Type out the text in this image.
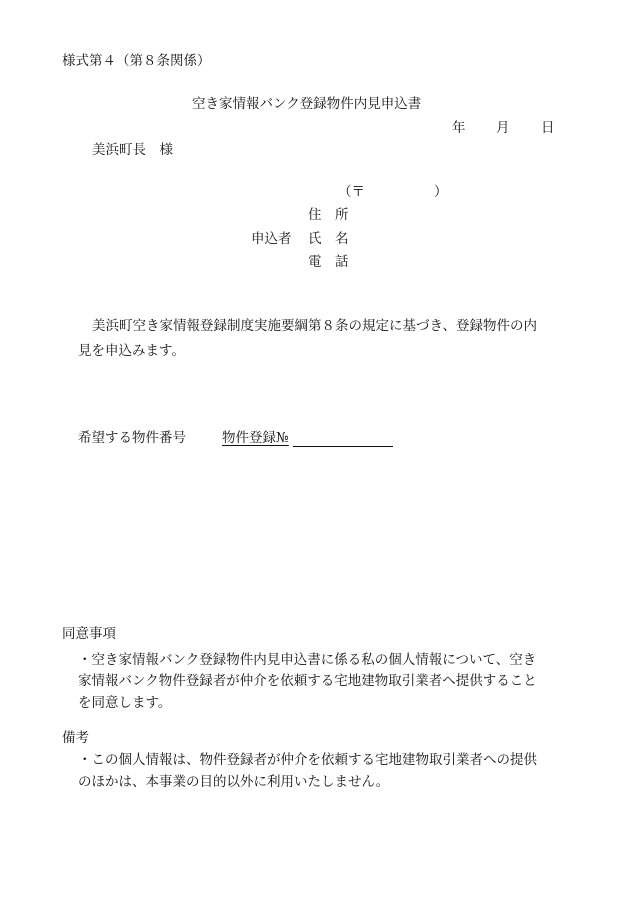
様式第４（第８条関係）
空き家情報バンク登録物件内見申込書
年 月 日
美浜町長　様
（〒	）
住　所
申込者 氏　名
電　話
美浜町空き家情報登録制度実施要綱第８条の規定に基づき、登録物件の内
見を申込みます。
希望する物件番号	物件登録№
同意事項
・空き家情報バンク登録物件内見申込書に係る私の個人情報について、空き
家情報バンク物件登録者が仲介を依頼する宅地建物取引業者へ提供すること
を同意します。
備考
・この個人情報は、物件登録者が仲介を依頼する宅地建物取引業者への提供
のほかは、本事業の目的以外に利用いたしません。
